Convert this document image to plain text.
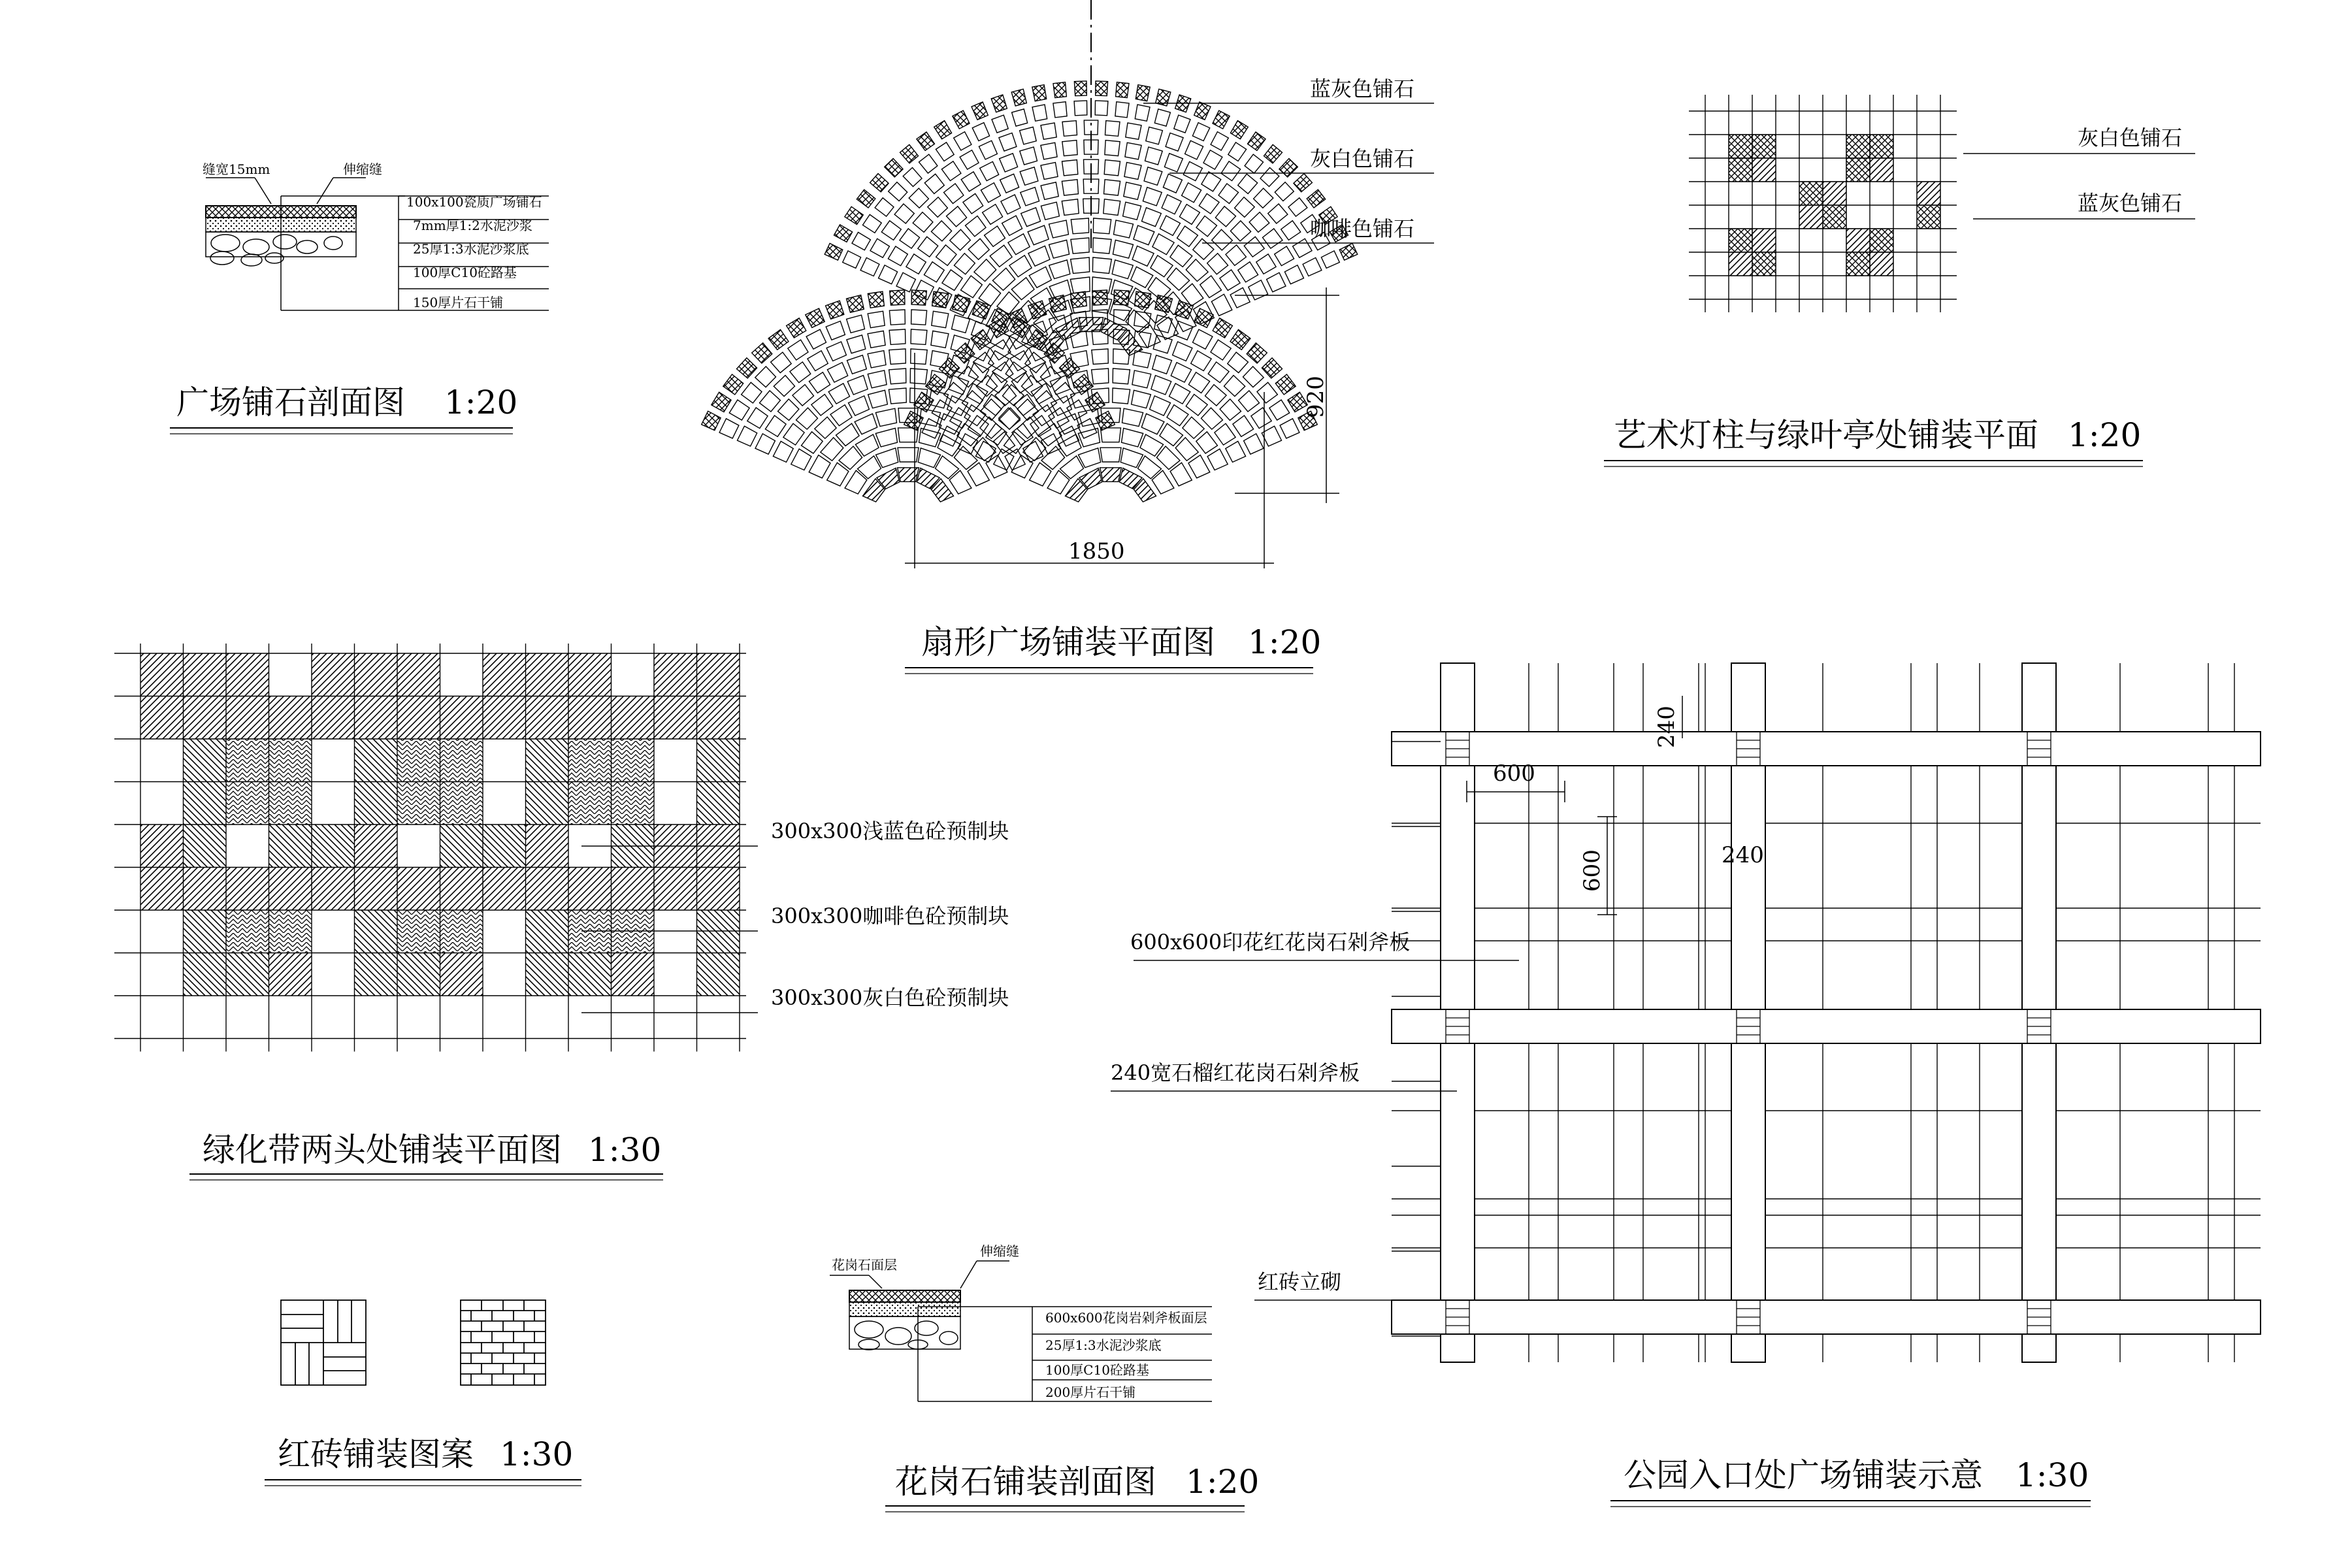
缝宽15mm	伸缩缝
100x100瓷质广场铺石
7mm厚1:2水泥沙浆
25厚1:3水泥沙浆底
100厚C10砼路基
150厚片石干铺
广场铺石剖面图 1:20
蓝灰色铺石
灰白色铺石
咖啡色铺石
1850
920
扇形广场铺装平面图 1:20
灰白色铺石
蓝灰色铺石
艺术灯柱与绿叶亭处铺装平面 1:20
300x300浅蓝色砼预制块
300x300咖啡色砼预制块
300x300灰白色砼预制块
绿化带两头处铺装平面图 1:30
红砖铺装图案 1:30
花岗石面层
伸缩缝
600x600花岗岩剁斧板面层
25厚1:3水泥沙浆底
100厚C10砼路基
200厚片石干铺
花岗石铺装剖面图 1:20
240
600
600	240
600x600印花红花岗石剁斧板
240宽石榴红花岗石剁斧板
红砖立砌
公园入口处广场铺装示意 1:30
